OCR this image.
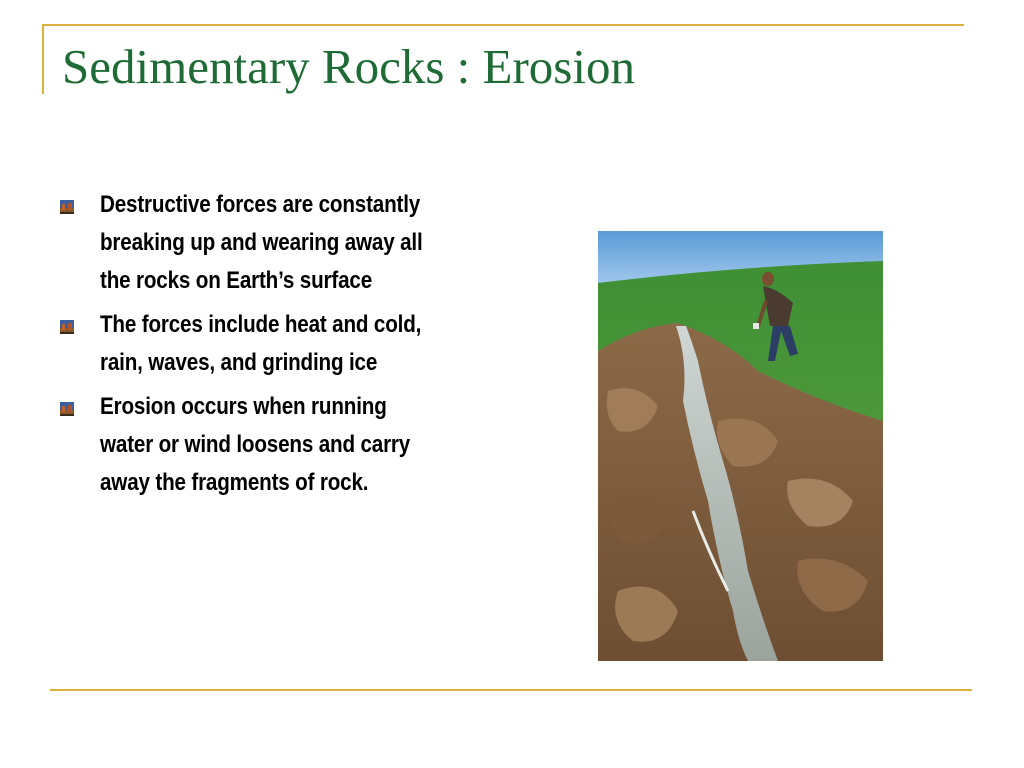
Sedimentary Rocks : Erosion
Destructive forces are constantly breaking up and wearing away all the rocks on Earth’s surface
The forces include heat and cold, rain, waves, and grinding ice
Erosion occurs when running water or wind loosens and carry away the fragments of rock.
